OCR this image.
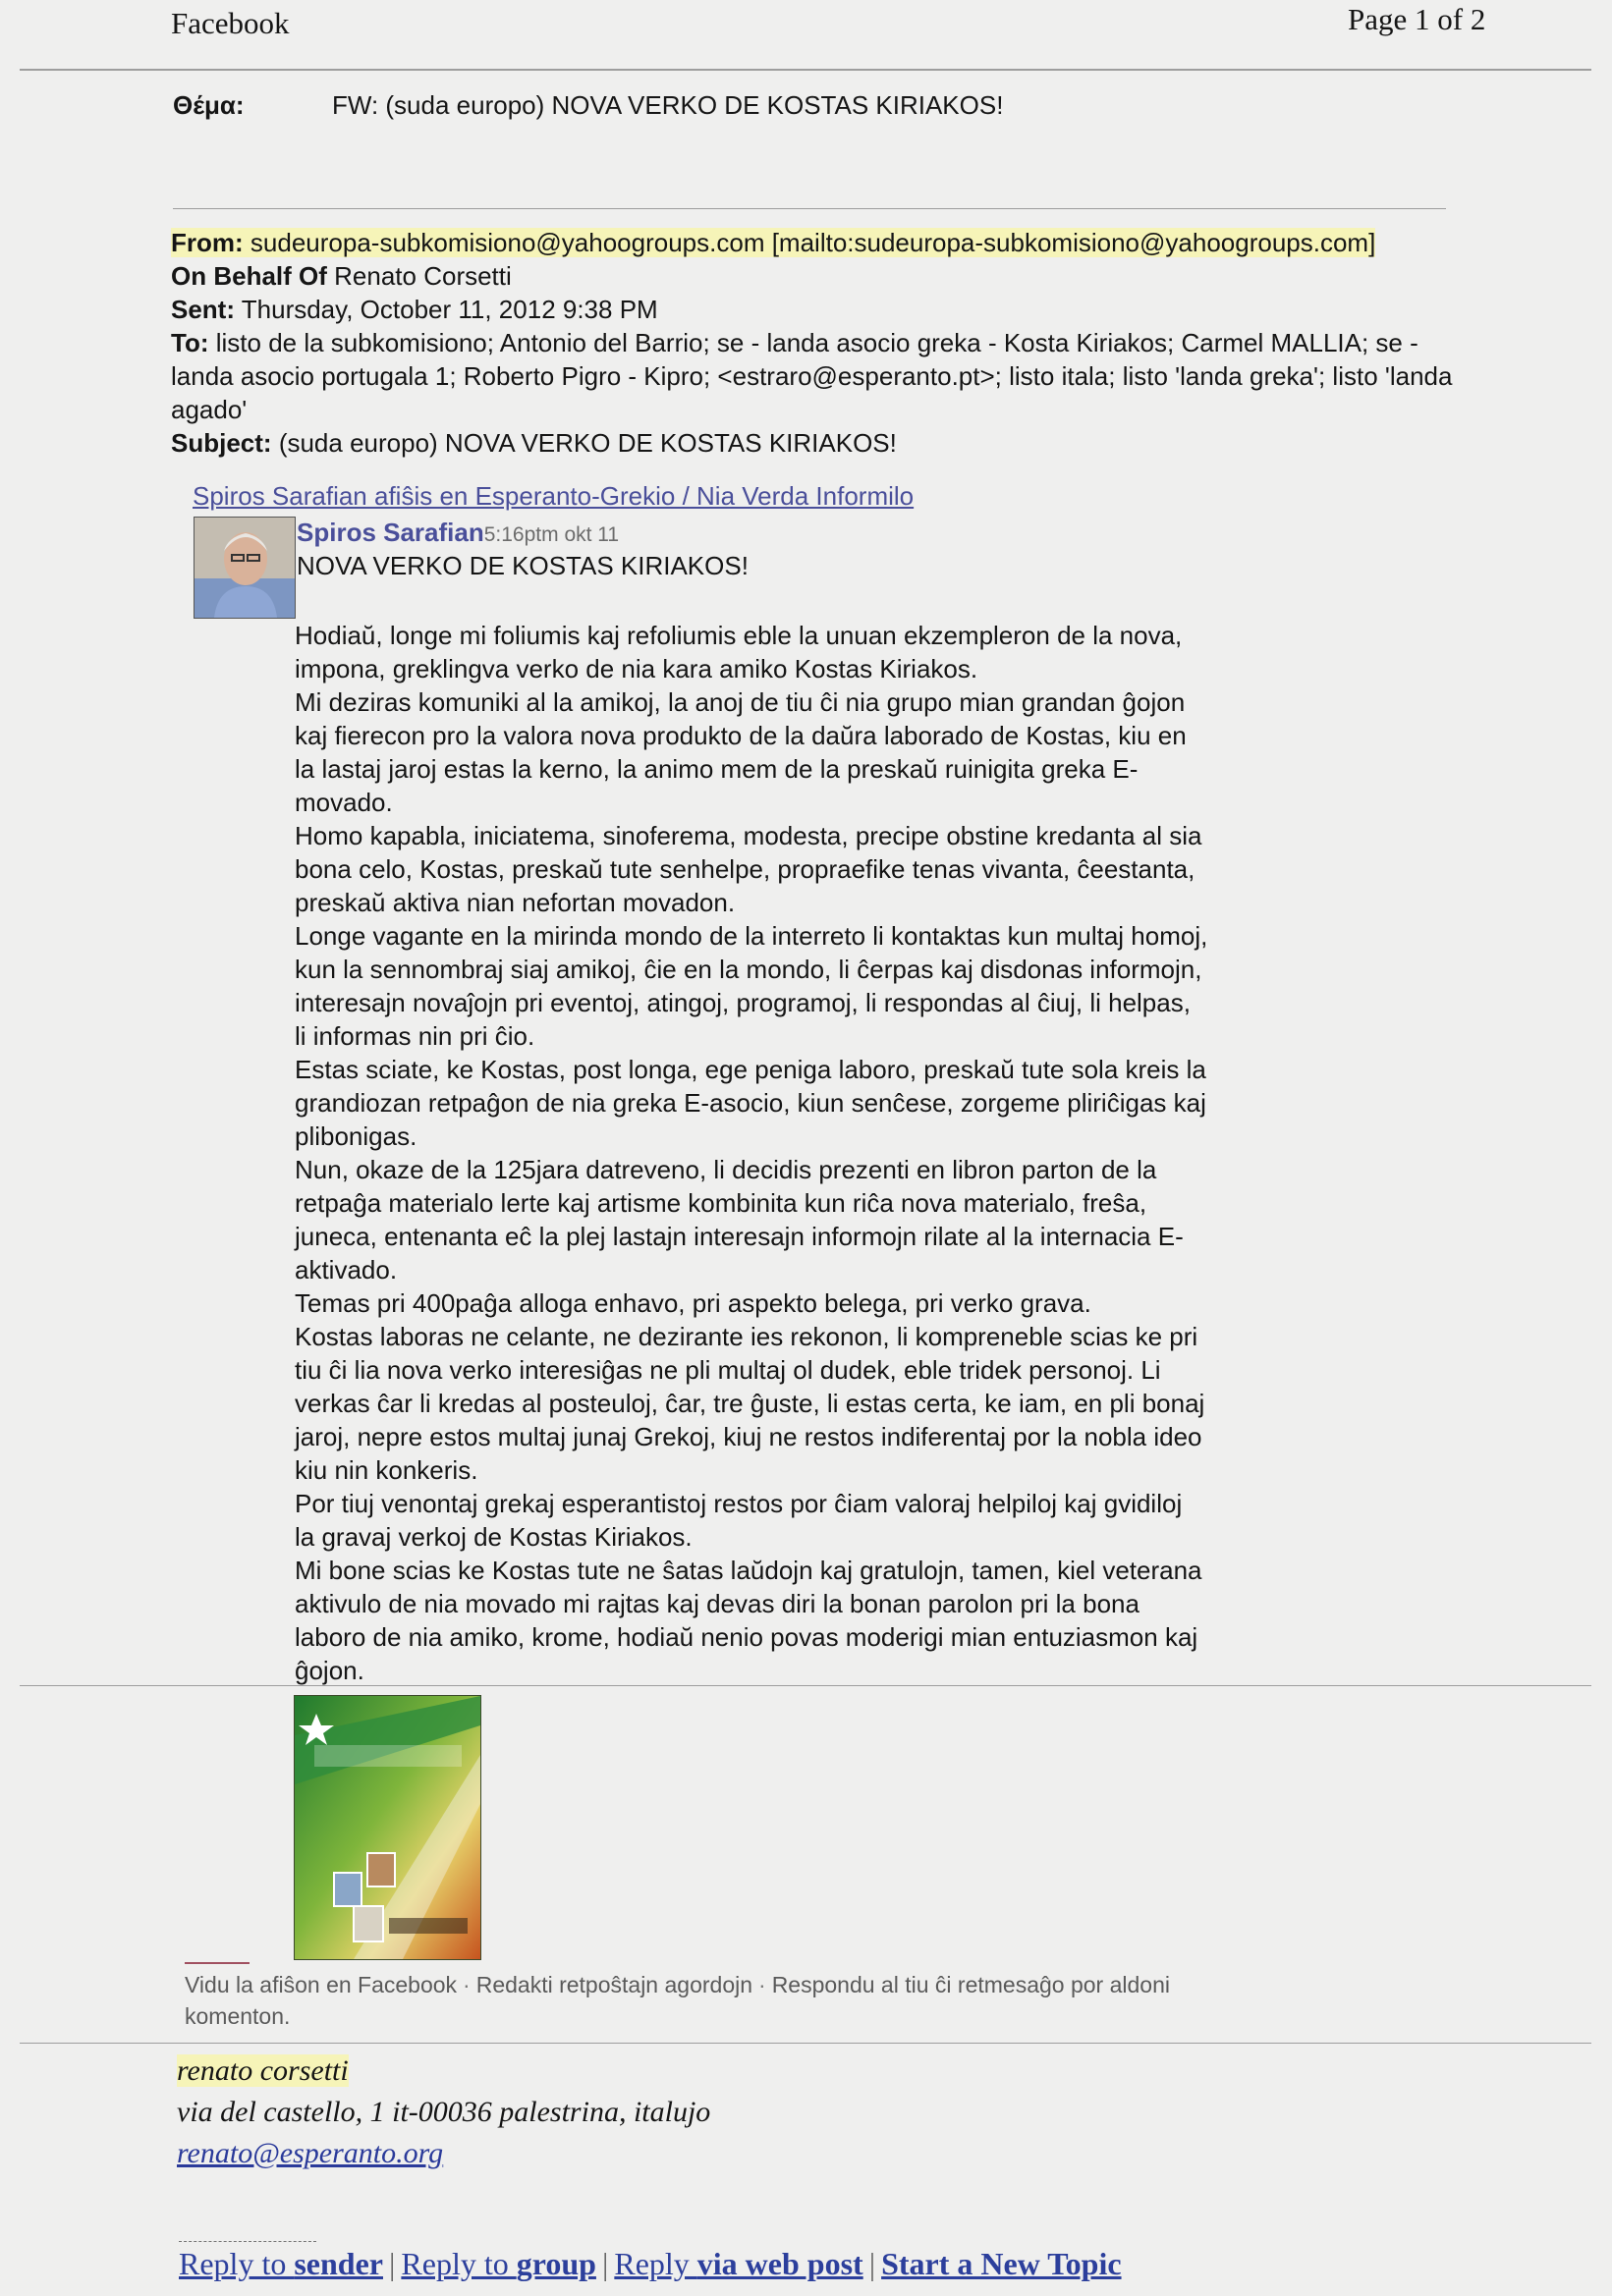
Facebook	Page 1 of 2
Θέμα:	FW: (suda europo) NOVA VERKO DE KOSTAS KIRIAKOS!
From: sudeuropa-subkomisiono@yahoogroups.com [mailto:sudeuropa-subkomisiono@yahoogroups.com]
On Behalf Of Renato Corsetti
Sent: Thursday, October 11, 2012 9:38 PM
To: listo de la subkomisiono; Antonio del Barrio; se - landa asocio greka - Kosta Kiriakos; Carmel MALLIA; se - landa asocio portugala 1; Roberto Pigro - Kipro; <estraro@esperanto.pt>; listo itala; listo 'landa greka'; listo 'landa agado'
Subject: (suda europo) NOVA VERKO DE KOSTAS KIRIAKOS!
Spiros Sarafian afiŝis en Esperanto-Grekio / Nia Verda Informilo
Spiros Sarafian5:16ptm okt 11
NOVA VERKO DE KOSTAS KIRIAKOS!

Hodiaŭ, longe mi foliumis kaj refoliumis eble la unuan ekzempleron de la nova, impona, greklingva verko de nia kara amiko Kostas Kiriakos.

Mi deziras komuniki al la amikoj, la anoj de tiu ĉi nia grupo mian grandan ĝojon kaj fierecon pro la valora nova produkto de la daŭra laborado de Kostas, kiu en la lastaj jaroj estas la kerno, la animo mem de la preskaŭ ruinigita greka E-movado.

Homo kapabla, iniciatema, sinoferema, modesta, precipe obstine kredanta al sia bona celo, Kostas, preskaŭ tute senhelpe, propraefike tenas vivanta, ĉeestanta, preskaŭ aktiva nian nefortan movadon.

Longe vagante en la mirinda mondo de la interreto li kontaktas kun multaj homoj, kun la sennombraj siaj amikoj, ĉie en la mondo, li ĉerpas kaj disdonas informojn, interesajn novaĵojn pri eventoj, atingoj, programoj, li respondas al ĉiuj, li helpas, li informas nin pri ĉio.

Estas sciate, ke Kostas, post longa, ege peniga laboro, preskaŭ tute sola kreis la grandiozan retpaĝon de nia greka E-asocio, kiun senĉese, zorgeme pliriĉigas kaj plibonigas.

Nun, okaze de la 125jara datreveno, li decidis prezenti en libron parton de la retpaĝa materialo lerte kaj artisme kombinita kun riĉa nova materialo, freŝa, juneca, entenanta eĉ la plej lastajn interesajn informojn rilate al la internacia E-aktivado.

Temas pri 400paĝa alloga enhavo, pri aspekto belega, pri verko grava.

Kostas laboras ne celante, ne dezirante ies rekonon, li kompreneble scias ke pri tiu ĉi lia nova verko interesiĝas ne pli multaj ol dudek, eble tridek personoj. Li verkas ĉar li kredas al posteuloj, ĉar, tre ĝuste, li estas certa, ke iam, en pli bonaj jaroj, nepre estos multaj junaj Grekoj, kiuj ne restos indiferentaj por la nobla ideo kiu nin konkeris.

Por tiuj venontaj grekaj esperantistoj restos por ĉiam valoraj helpiloj kaj gvidiloj la gravaj verkoj de Kostas Kiriakos.

Mi bone scias ke Kostas tute ne ŝatas laŭdojn kaj gratulojn, tamen, kiel veterana aktivulo de nia movado mi rajtas kaj devas diri la bonan parolon pri la bona laboro de nia amiko, krome, hodiaŭ nenio povas moderigi mian entuziasmon kaj ĝojon.

Vidu la afiŝon en Facebook · Redakti retpoŝtajn agordojn · Respondu al tiu ĉi retmesaĝo por aldoni komenton.
renato corsetti
via del castello, 1 it-00036 palestrina, italujo
renato@esperanto.org
Reply to sender | Reply to group | Reply via web post | Start a New Topic
